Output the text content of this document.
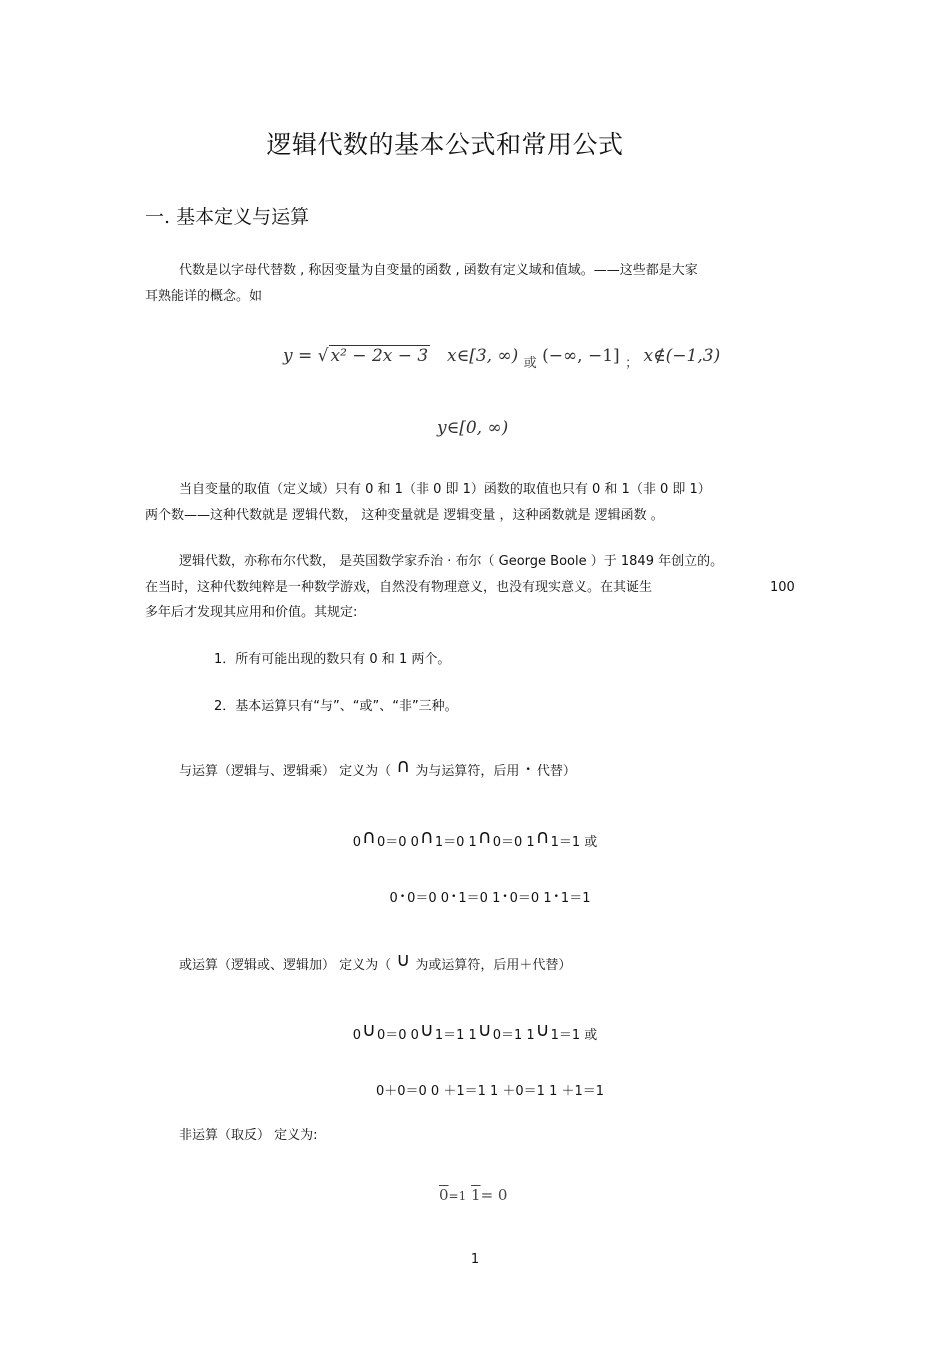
逻辑代数的基本公式和常用公式
一. 基本定义与运算
代数是以字母代替数 , 称因变量为自变量的函数 , 函数有定义域和值域。——这些都是大家
耳熟能详的概念。如
y = √ x² − 2x − 3 x∈[3, ∞) $_或$ (−∞, −1] $_;$ x∉(−1,3)
y∈[0, ∞)
当自变量的取值（定义域）只有 0 和 1（非 0 即 1）函数的取值也只有 0 和 1（非 0 即 1）
两个数——这种代数就是 逻辑代数， 这种变量就是 逻辑变量 ，这种函数就是 逻辑函数 。
逻辑代数，亦称布尔代数， 是英国数学家乔治 · 布尔（ George Boole ）于 1849 年创立的。
在当时，这种代数纯粹是一种数学游戏，自然没有物理意义，也没有现实意义。在其诞生	100
多年后才发现其应用和价值。其规定:
1．所有可能出现的数只有 0 和 1 两个。
2．基本运算只有“与”、“或”、“非”三种。
与运算（逻辑与、逻辑乘） 定义为（ ∩ 为与运算符，后用 • 代替）
0∩0＝0 0∩1＝0 1∩0＝0 1∩1＝1 或
0 • 0＝0 0 • 1＝0 1 • 0＝0 1 • 1＝1
或运算（逻辑或、逻辑加） 定义为（ ∪ 为或运算符，后用＋代替）
0∪0＝0 0∪1＝1 1∪0＝1 1∪1＝1 或
0＋0＝0 0 ＋1＝1 1 ＋0＝1 1 ＋1＝1
非运算（取反） 定义为:
0=1 1= 0
1
